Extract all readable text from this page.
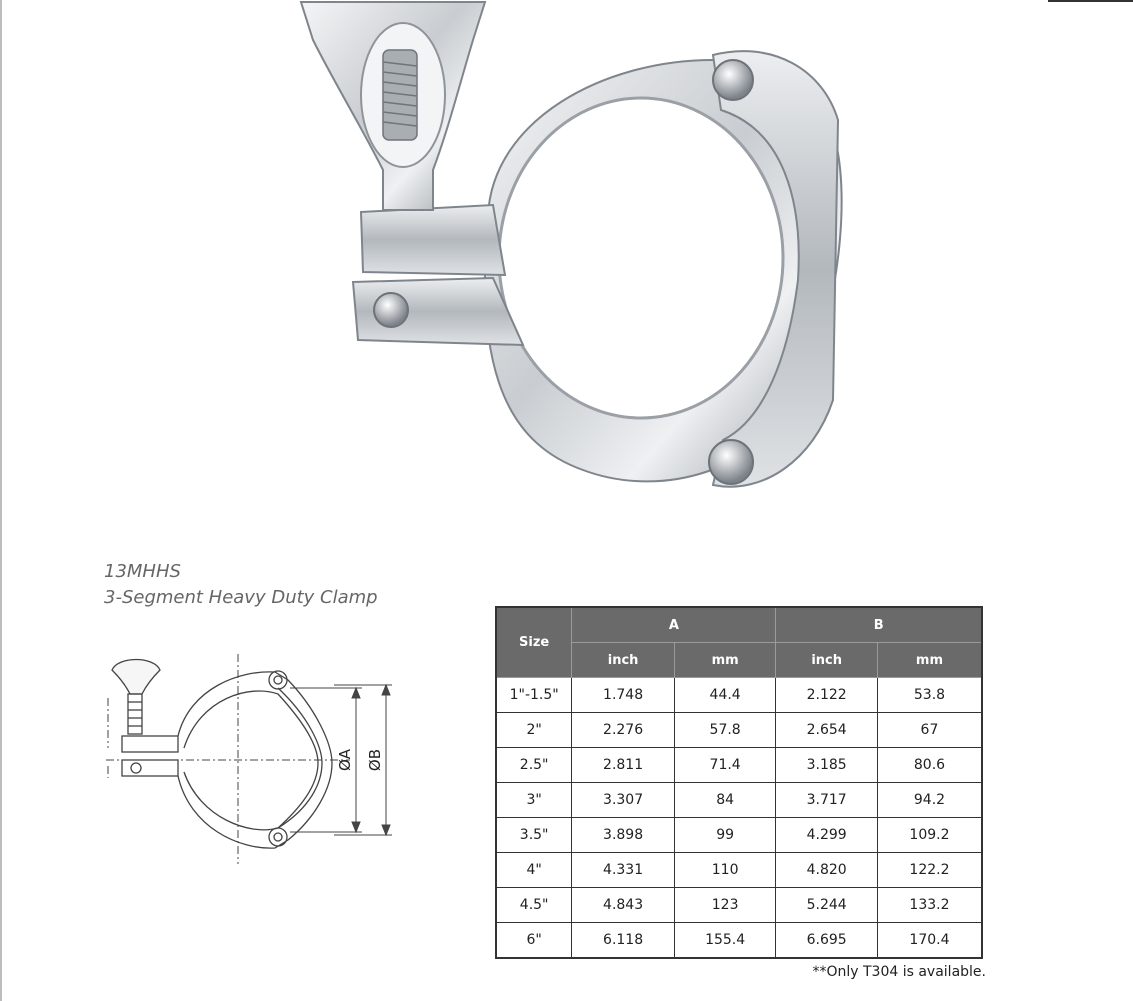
13MHHS
3-Segment Heavy Duty Clamp
ØA ØB
Size	A		B	
	inch	mm	inch	mm
1"-1.5"	1.748	44.4	2.122	53.8
2"	2.276	57.8	2.654	67
2.5"	2.811	71.4	3.185	80.6
3"	3.307	84	3.717	94.2
3.5"	3.898	99	4.299	109.2
4"	4.331	110	4.820	122.2
4.5"	4.843	123	5.244	133.2
6"	6.118	155.4	6.695	170.4
**Only T304 is available.
